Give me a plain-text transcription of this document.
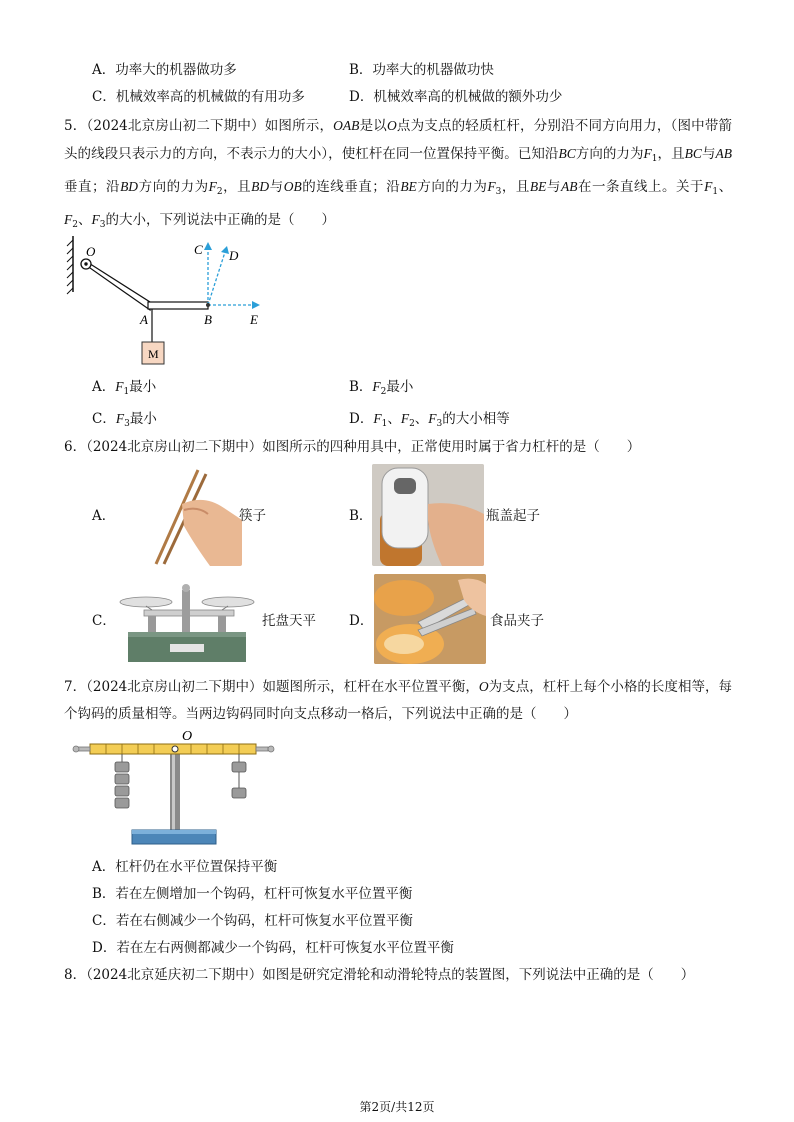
A．功率大的机器做功多	B．功率大的机器做功快
C．机械效率高的机械做的有用功多	D．机械效率高的机械做的额外功少
5．（2024北京房山初二下期中）如图所示，OAB是以O点为支点的轻质杠杆，分别沿不同方向用力，（图中带箭头的线段只表示力的方向，不表示力的大小），使杠杆在同一位置保持平衡。已知沿BC方向的力为$F_1$，且BC与AB垂直；沿BD方向的力为$F_2$，且BD与OB的连线垂直；沿BE方向的力为$F_3$，且BE与AB在一条直线上。关于$F_1$、$F_2$、$F_3$的大小，下列说法中正确的是（　　）
O
A	B
C D
E
M
A．$F_1$最小	B．$F_2$最小
C．$F_3$最小	D．$F_1$、$F_2$、$F_3$的大小相等
6．（2024北京房山初二下期中）如图所示的四种用具中，正常使用时属于省力杠杆的是（　　）
A．	筷子	B．	瓶盖起子
C．	托盘天平 D．	食品夹子
7．（2024北京房山初二下期中）如题图所示，杠杆在水平位置平衡，O为支点，杠杆上每个小格的长度相等，每个钩码的质量相等。当两边钩码同时向支点移动一格后，下列说法中正确的是（　　）
O
A．杠杆仍在水平位置保持平衡
B．若在左侧增加一个钩码，杠杆可恢复水平位置平衡
C．若在右侧减少一个钩码，杠杆可恢复水平位置平衡
D．若在左右两侧都减少一个钩码，杠杆可恢复水平位置平衡
8．（2024北京延庆初二下期中）如图是研究定滑轮和动滑轮特点的装置图，下列说法中正确的是（　　）
第2页/共12页
